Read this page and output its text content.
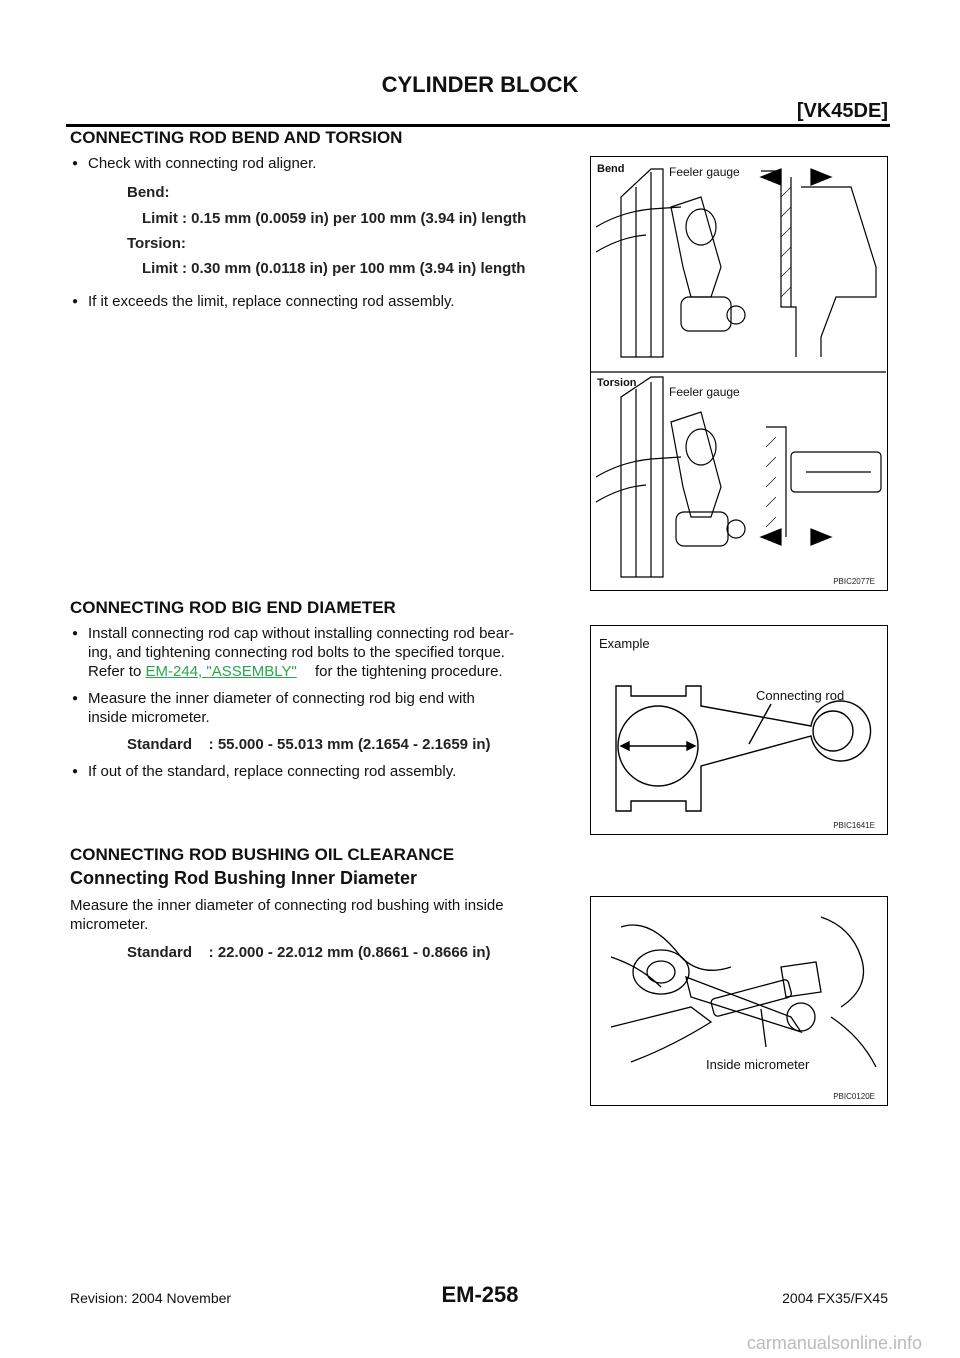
CYLINDER BLOCK
[VK45DE]
CONNECTING ROD BEND AND TORSION
● Check with connecting rod aligner.
Bend:
Limit : 0.15 mm (0.0059 in) per 100 mm (3.94 in) length
Torsion:
Limit : 0.30 mm (0.0118 in) per 100 mm (3.94 in) length
● If it exceeds the limit, replace connecting rod assembly.
Bend	Feeler gauge
Torsion
Feeler gauge
PBIC2077E
CONNECTING ROD BIG END DIAMETER
● Install connecting rod cap without installing connecting rod bear-
ing, and tightening connecting rod bolts to the specified torque.
Refer to EM-244, "ASSEMBLY" for the tightening procedure.
● Measure the inner diameter of connecting rod big end with
inside micrometer.
Standard    : 55.000 - 55.013 mm (2.1654 - 2.1659 in)
● If out of the standard, replace connecting rod assembly.
Example
Connecting rod
PBIC1641E
CONNECTING ROD BUSHING OIL CLEARANCE
Connecting Rod Bushing Inner Diameter
Measure the inner diameter of connecting rod bushing with inside
micrometer.
Standard    : 22.000 - 22.012 mm (0.8661 - 0.8666 in)
Inside micrometer
PBIC0120E
Revision: 2004 November	EM-258	2004 FX35/FX45
carmanualsonline.info
